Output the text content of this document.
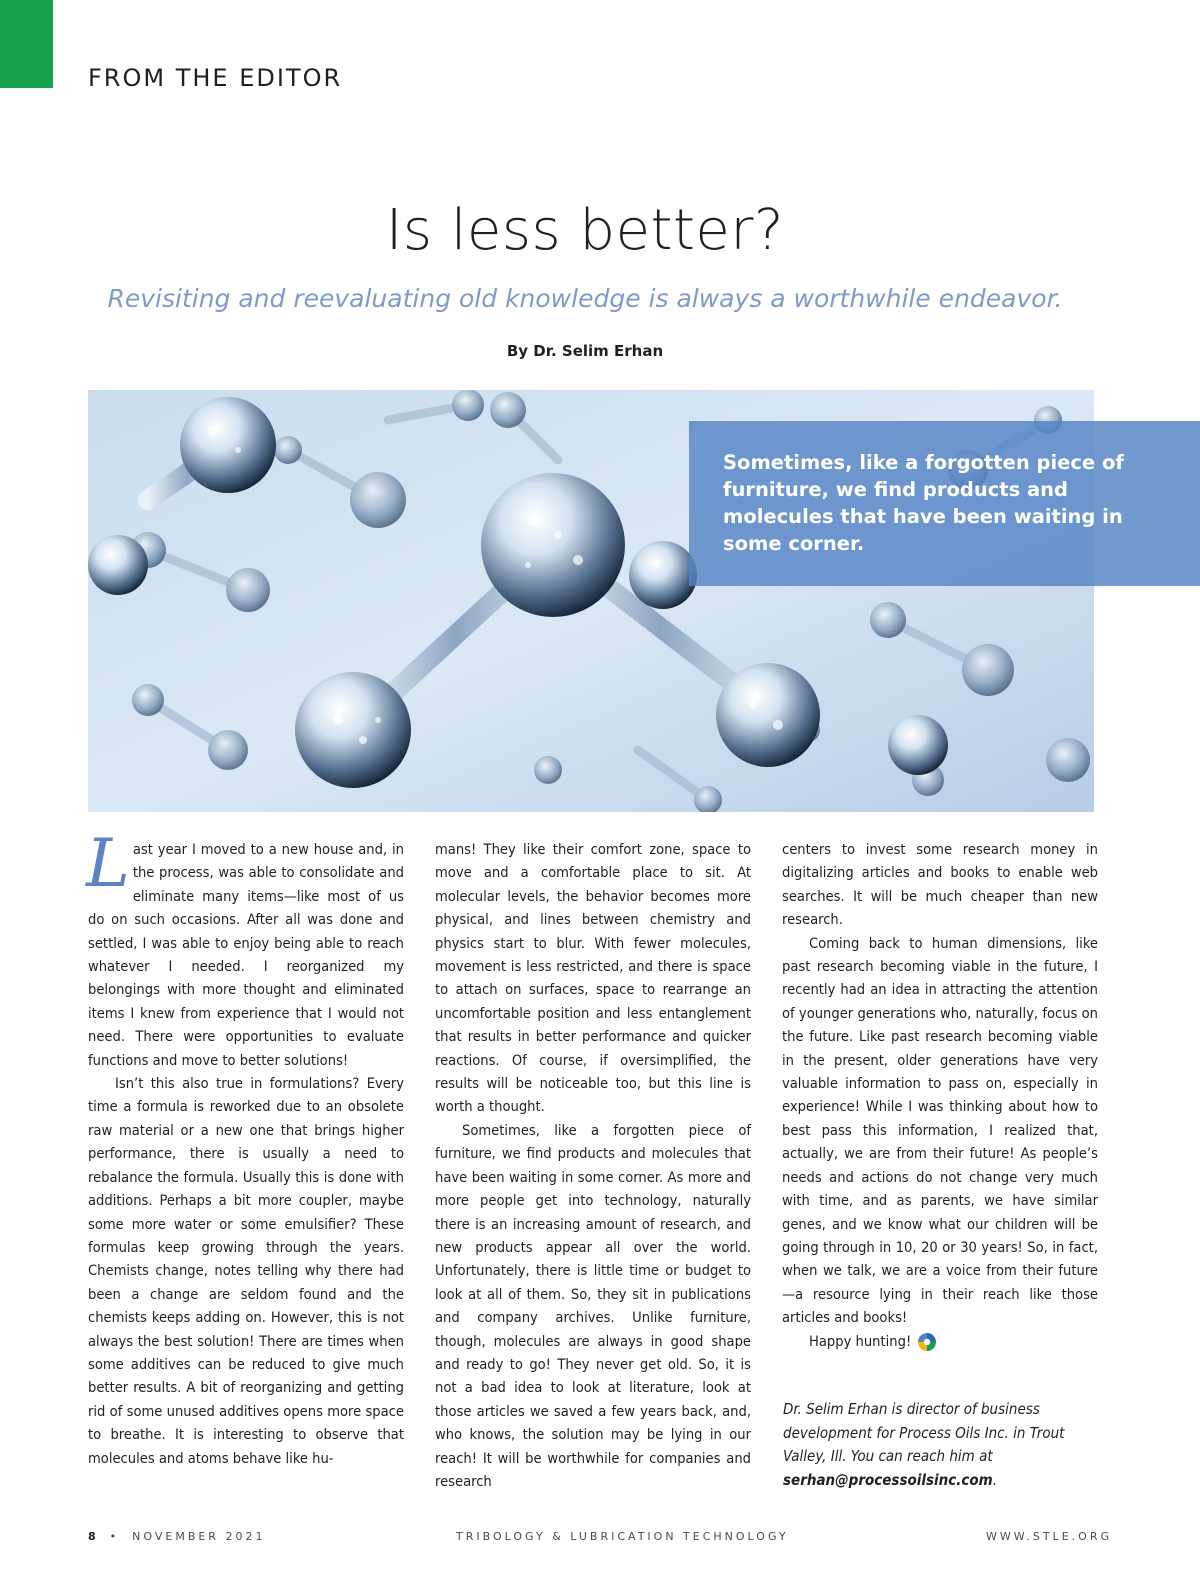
FROM THE EDITOR
Is less better?
Revisiting and reevaluating old knowledge is always a worthwhile endeavor.
By Dr. Selim Erhan

Sometimes, like a forgotten piece of furniture, we find products and molecules that have been waiting in some corner.

Last year I moved to a new house and, in the process, was able to consolidate and eliminate many items—like most of us do on such occasions. After all was done and settled, I was able to enjoy being able to reach whatever I needed. I reorganized my belongings with more thought and eliminated items I knew from experience that I would not need. There were opportunities to evaluate functions and move to better solutions!

Isn’t this also true in formulations? Every time a formula is reworked due to an obsolete raw material or a new one that brings higher performance, there is usually a need to rebalance the formula. Usually this is done with additions. Perhaps a bit more coupler, maybe some more water or some emulsifier? These formulas keep growing through the years. Chemists change, notes telling why there had been a change are seldom found and the chemists keeps adding on. However, this is not always the best solution! There are times when some additives can be reduced to give much better results. A bit of reorganizing and getting rid of some unused additives opens more space to breathe. It is interesting to observe that molecules and atoms behave like hu-

mans! They like their comfort zone, space to move and a comfortable place to sit. At molecular levels, the behavior becomes more physical, and lines between chemistry and physics start to blur. With fewer molecules, movement is less restricted, and there is space to attach on surfaces, space to rearrange an uncomfortable position and less entanglement that results in better performance and quicker reactions. Of course, if oversimplified, the results will be noticeable too, but this line is worth a thought.

Sometimes, like a forgotten piece of furniture, we find products and molecules that have been waiting in some corner. As more and more people get into technology, naturally there is an increasing amount of research, and new products appear all over the world. Unfortunately, there is little time or budget to look at all of them. So, they sit in publications and company archives. Unlike furniture, though, molecules are always in good shape and ready to go! They never get old. So, it is not a bad idea to look at literature, look at those articles we saved a few years back, and, who knows, the solution may be lying in our reach! It will be worthwhile for companies and research

centers to invest some research money in digitalizing articles and books to enable web searches. It will be much cheaper than new research.

Coming back to human dimensions, like past research becoming viable in the future, I recently had an idea in attracting the attention of younger generations who, naturally, focus on the future. Like past research becoming viable in the present, older generations have very valuable information to pass on, especially in experience! While I was thinking about how to best pass this information, I realized that, actually, we are from their future! As people’s needs and actions do not change very much with time, and as parents, we have similar genes, and we know what our children will be going through in 10, 20 or 30 years! So, in fact, when we talk, we are a voice from their future—a resource lying in their reach like those articles and books!

Happy hunting!

Dr. Selim Erhan is director of business development for Process Oils Inc. in Trout Valley, Ill. You can reach him at serhan@processoilsinc.com.
8 • NOVEMBER 2021	TRIBOLOGY & LUBRICATION TECHNOLOGY	WWW.STLE.ORG
